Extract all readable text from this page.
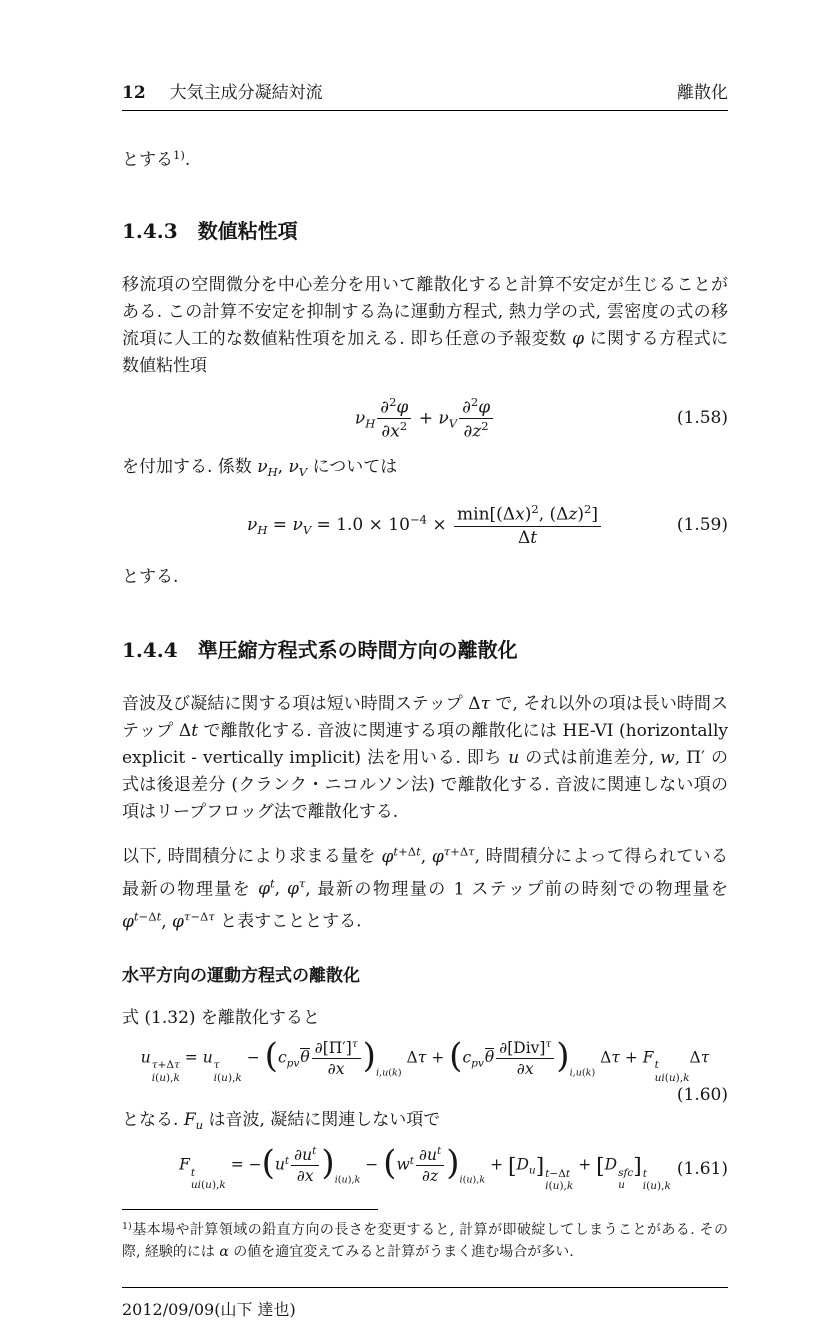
12 大気主成分凝結対流	離散化
とする$^{1)}$.
1.4.3 数値粘性項
移流項の空間微分を中心差分を用いて離散化すると計算不安定が生じることがある. この計算不安定を抑制する為に運動方程式, 熱力学の式, 雲密度の式の移流項に人工的な数値粘性項を加える. 即ち任意の予報変数 φ に関する方程式に数値粘性項
$\nu_H \frac{\partial^2\varphi}{\partial x^2} + \nu_V \frac{\partial^2\varphi}{\partial z^2}$	(1.58)
を付加する. 係数 $\nu_H$, $\nu_V$ については
$\nu_H = \nu_V = 1.0 \times 10^{-4}$ ×
$\min[(\Delta x)^2$, $(\Delta z)^2$]
Δt
(1.59)
とする.
1.4.4 準圧縮方程式系の時間方向の離散化
音波及び凝結に関する項は短い時間ステップ Δτ で, それ以外の項は長い時間ステップ Δt で離散化する. 音波に関連する項の離散化には HE-VI (horizontally explicit - vertically implicit) 法を用いる. 即ち u の式は前進差分, w, Π′ の式は後退差分 (クランク・ニコルソン法) で離散化する. 音波に関連しない項の項はリープフロッグ法で離散化する.
以下, 時間積分により求まる量を $\varphi^{t+\Delta t}$, $\varphi^{\tau+\Delta\tau}$, 時間積分によって得られている最新の物理量を $\varphi^t$, $\varphi^\tau$, 最新の物理量の 1 ステップ前の時刻での物理量を $\varphi^{t-\Delta t}$, $\varphi^{\tau-\Delta\tau}$ と表すこととする.
水平方向の運動方程式の離散化
式 (1.32) を離散化すると
u τ+Δτ
i(u),k
= u τ
i(u),k
− $(c_{pv}\theta \frac{\partial[\Pi']^\tau}{\partial x} )_{i,u(k)}$ $\Delta\tau + (c_{pv}\theta$
∂[Div]$^\tau$
∂x )$_{i,u(k)}$ Δτ + F t
ui(u),k
Δτ
(1.60)
となる. $F_u$ は音波, 凝結に関連しない項で
F t
ui(u),k
= $-(u^t \frac{\partial u^t}{\partial x} )_{i(u),k} - (w^t \frac{\partial u^t}{\partial z} )_{i(u),k} + [D_u]$ t−Δt
i(u),k
+ [D sfc
u
] t
i(u),k
(1.61)
$^{1)}$基本場や計算領域の鉛直方向の長さを変更すると, 計算が即破綻してしまうことがある. その際, 経験的には α の値を適宜変えてみると計算がうまく進む場合が多い.
2012/09/09(山下 達也)
